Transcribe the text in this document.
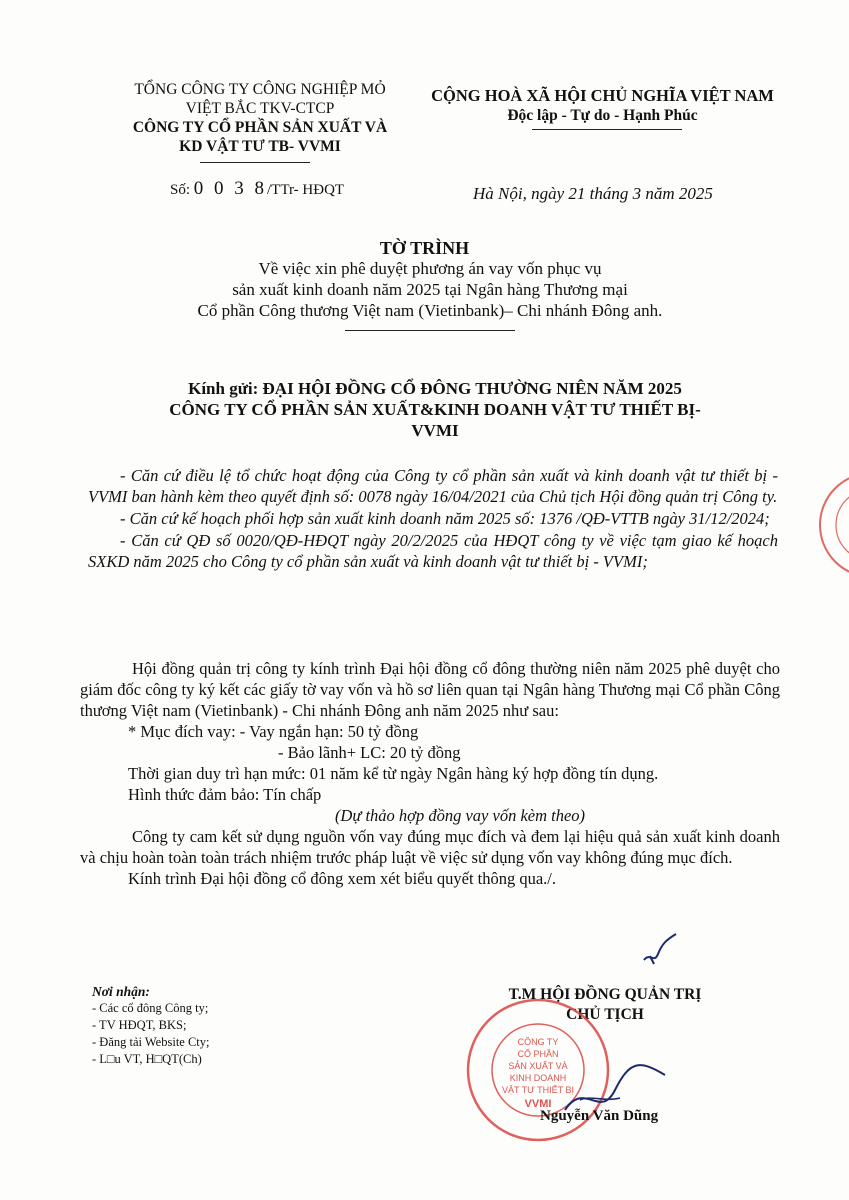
TỔNG CÔNG TY CÔNG NGHIỆP MỎ
VIỆT BẮC TKV-CTCP
CÔNG TY CỔ PHẦN SẢN XUẤT VÀ
KD VẬT TƯ TB- VVMI
CỘNG HOÀ XÃ HỘI CHỦ NGHĨA VIỆT NAM
Độc lập - Tự do - Hạnh Phúc
Số: 0 0 3 8/TTr- HĐQT	Hà Nội, ngày 21 tháng 3 năm 2025
TỜ TRÌNH
Về việc xin phê duyệt phương án vay vốn phục vụ
sản xuất kinh doanh năm 2025 tại Ngân hàng Thương mại
Cổ phần Công thương Việt nam (Vietinbank)– Chi nhánh Đông anh.
Kính gửi: ĐẠI HỘI ĐỒNG CỔ ĐÔNG THƯỜNG NIÊN NĂM 2025
CÔNG TY CỔ PHẦN SẢN XUẤT&KINH DOANH VẬT TƯ THIẾT BỊ-
VVMI

- Căn cứ điều lệ tổ chức hoạt động của Công ty cổ phần sản xuất và kinh doanh vật tư thiết bị - VVMI ban hành kèm theo quyết định số: 0078 ngày 16/04/2021 của Chủ tịch Hội đồng quản trị Công ty.

- Căn cứ kế hoạch phối hợp sản xuất kinh doanh năm 2025 số: 1376 /QĐ-VTTB ngày 31/12/2024;

- Căn cứ QĐ số 0020/QĐ-HĐQT ngày 20/2/2025 của HĐQT công ty về việc tạm giao kế hoạch SXKD năm 2025 cho Công ty cổ phần sản xuất và kinh doanh vật tư thiết bị - VVMI;

Hội đồng quản trị công ty kính trình Đại hội đồng cổ đông thường niên năm 2025 phê duyệt cho giám đốc công ty ký kết các giấy tờ vay vốn và hồ sơ liên quan tại Ngân hàng Thương mại Cổ phần Công thương Việt nam (Vietinbank) - Chi nhánh Đông anh năm 2025 như sau:

* Mục đích vay: - Vay ngắn hạn: 50 tỷ đồng

- Bảo lãnh+ LC: 20 tỷ đồng

Thời gian duy trì hạn mức: 01 năm kể từ ngày Ngân hàng ký hợp đồng tín dụng.

Hình thức đảm bảo: Tín chấp

(Dự thảo hợp đồng vay vốn kèm theo)

Công ty cam kết sử dụng nguồn vốn vay đúng mục đích và đem lại hiệu quả sản xuất kinh doanh và chịu hoàn toàn toàn trách nhiệm trước pháp luật về việc sử dụng vốn vay không đúng mục đích.

Kính trình Đại hội đồng cổ đông xem xét biểu quyết thông qua./.

Nơi nhận:
- Các cổ đông Công ty;
- TV HĐQT, BKS;
- Đăng tải Website Cty;
- L□u VT, H□QT(Ch)
T.M HỘI ĐỒNG QUẢN TRỊ
CHỦ TỊCH
CÔNG TY
CỔ PHẦN
SẢN XUẤT VÀ
KINH DOANH
VẬT TƯ THIẾT BỊ
VVMI
Nguyễn Văn Dũng
